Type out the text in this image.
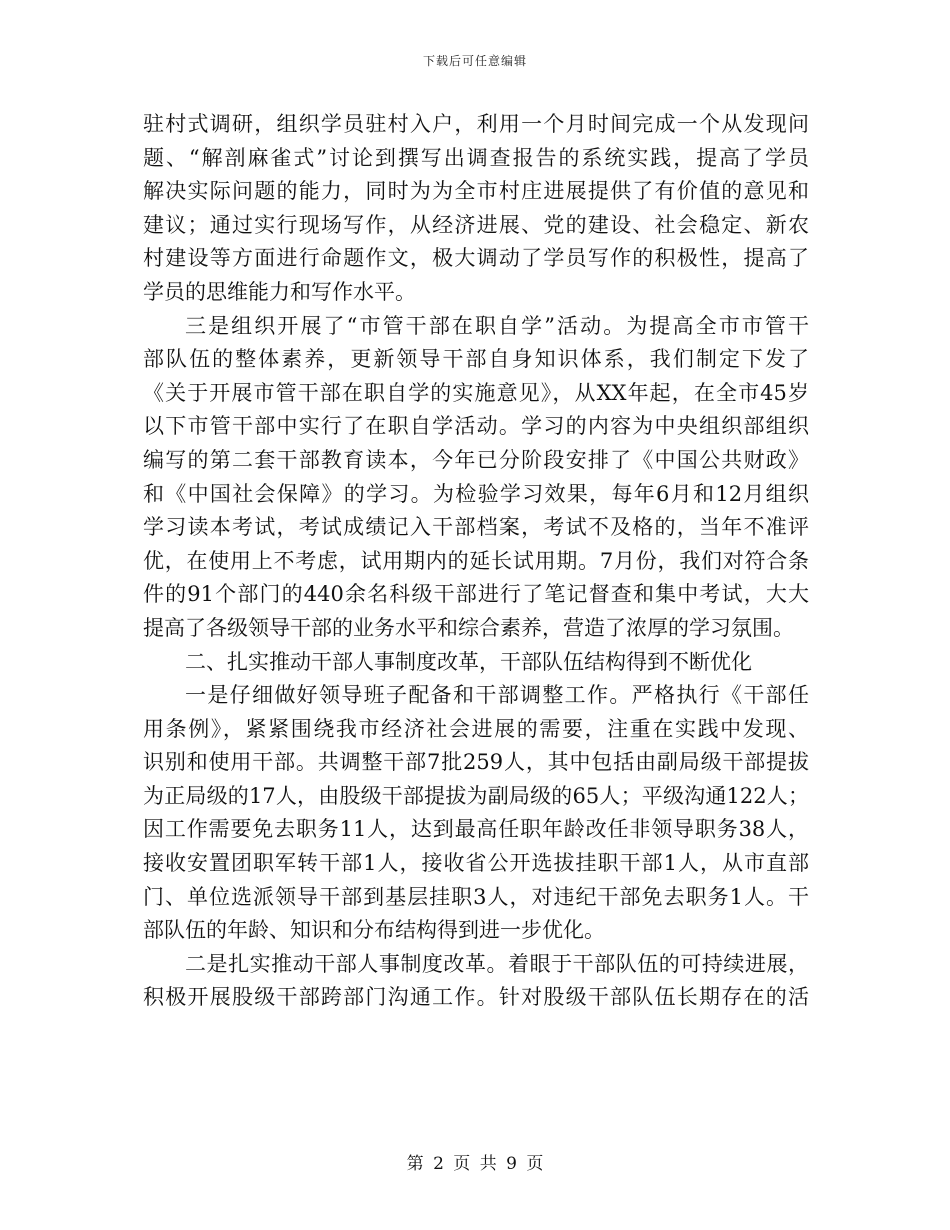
下载后可任意编辑
驻村式调研，组织学员驻村入户，利用一个月时间完成一个从发现问
题、“解剖麻雀式”讨论到撰写出调查报告的系统实践，提高了学员
解决实际问题的能力，同时为为全市村庄进展提供了有价值的意见和
建议；通过实行现场写作，从经济进展、党的建设、社会稳定、新农
村建设等方面进行命题作文，极大调动了学员写作的积极性，提高了
学员的思维能力和写作水平。
三是组织开展了“市管干部在职自学”活动。为提高全市市管干
部队伍的整体素养，更新领导干部自身知识体系，我们制定下发了
《关于开展市管干部在职自学的实施意见》，从XX年起，在全市45岁
以下市管干部中实行了在职自学活动。学习的内容为中央组织部组织
编写的第二套干部教育读本，今年已分阶段安排了《中国公共财政》
和《中国社会保障》的学习。为检验学习效果，每年6月和12月组织
学习读本考试，考试成绩记入干部档案，考试不及格的，当年不准评
优，在使用上不考虑，试用期内的延长试用期。7月份，我们对符合条
件的91个部门的440余名科级干部进行了笔记督查和集中考试，大大
提高了各级领导干部的业务水平和综合素养，营造了浓厚的学习氛围。
二、扎实推动干部人事制度改革，干部队伍结构得到不断优化
一是仔细做好领导班子配备和干部调整工作。严格执行《干部任
用条例》，紧紧围绕我市经济社会进展的需要，注重在实践中发现、
识别和使用干部。共调整干部7批259人，其中包括由副局级干部提拔
为正局级的17人，由股级干部提拔为副局级的65人；平级沟通122人；
因工作需要免去职务11人，达到最高任职年龄改任非领导职务38人，
接收安置团职军转干部1人，接收省公开选拔挂职干部1人，从市直部
门、单位选派领导干部到基层挂职3人，对违纪干部免去职务1人。干
部队伍的年龄、知识和分布结构得到进一步优化。
二是扎实推动干部人事制度改革。着眼于干部队伍的可持续进展，
积极开展股级干部跨部门沟通工作。针对股级干部队伍长期存在的活
第 2 页 共 9 页
